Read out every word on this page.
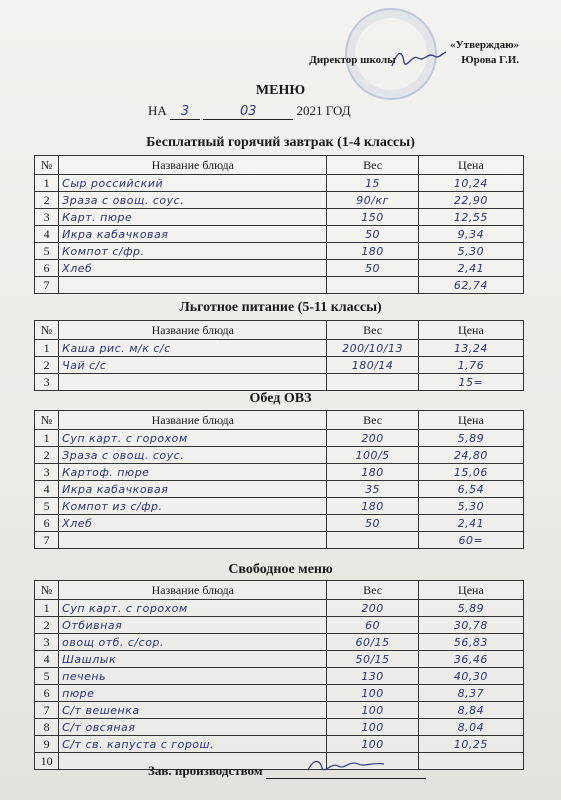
«Утверждаю»
Директор школы	Юрова Г.И.
МЕНЮ
НА 3	03	2021 ГОД
Бесплатный горячий завтрак (1-4 классы)
№	Название блюда	Вес	Цена
1	Сыр российский	15	10,24
2	Зраза с овощ. соус.	90/кг	22,90
3	Карт. пюре	150	12,55
4	Икра кабачковая	50	9,34
5	Компот с/фр.	180	5,30
6	Хлеб	50	2,41
7			62,74
Льготное питание (5-11 классы)
№	Название блюда	Вес	Цена
1	Каша рис. м/к с/с	200/10/13	13,24
2	Чай с/с	180/14	1,76
3			15=
Обед ОВЗ
№	Название блюда	Вес	Цена
1	Суп карт. с горохом	200	5,89
2	Зраза с овощ. соус.	100/5	24,80
3	Картоф. пюре	180	15,06
4	Икра кабачковая	35	6,54
5	Компот из с/фр.	180	5,30
6	Хлеб	50	2,41
7			60=
Свободное меню
№	Название блюда	Вес	Цена
1	Суп карт. с горохом	200	5,89
2	Отбивная	60	30,78
3	овощ отб. с/сор.	60/15	56,83
4	Шашлык	50/15	36,46
5	печень	130	40,30
6	пюре	100	8,37
7	С/т вешенка	100	8,84
8	С/т овсяная	100	8,04
9	С/т св. капуста с горош.	100	10,25
10			
Зав. производством
